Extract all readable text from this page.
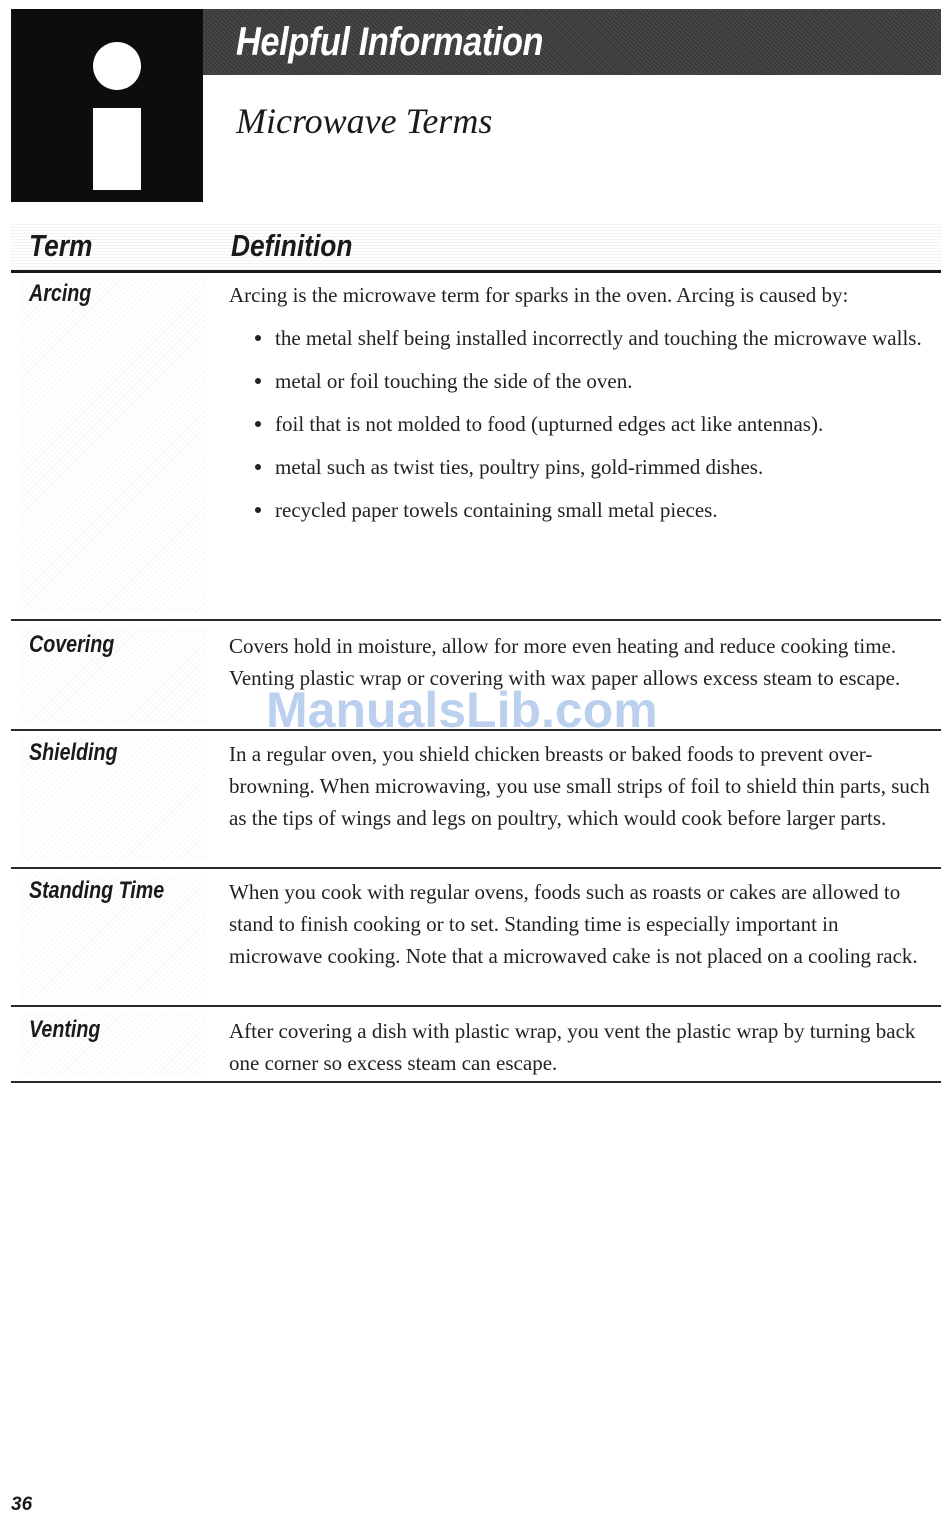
Helpful Information
Microwave Terms
Term	Definition
Arcing	Arcing is the microwave term for sparks in the oven. Arcing is caused by:
the metal shelf being installed incorrectly and touching the microwave walls.
metal or foil touching the side of the oven.
foil that is not molded to food (upturned edges act like antennas).
metal such as twist ties, poultry pins, gold-rimmed dishes.
recycled paper towels containing small metal pieces.
Covering	Covers hold in moisture, allow for more even heating and reduce cooking time. Venting plastic wrap or covering with wax paper allows excess steam to escape.
Shielding	In a regular oven, you shield chicken breasts or baked foods to prevent over-browning. When microwaving, you use small strips of foil to shield thin parts, such as the tips of wings and legs on poultry, which would cook before larger parts.
Standing Time	When you cook with regular ovens, foods such as roasts or cakes are allowed to stand to finish cooking or to set. Standing time is especially important in microwave cooking. Note that a microwaved cake is not placed on a cooling rack.
Venting	After covering a dish with plastic wrap, you vent the plastic wrap by turning back one corner so excess steam can escape.
ManualsLib.com
36
